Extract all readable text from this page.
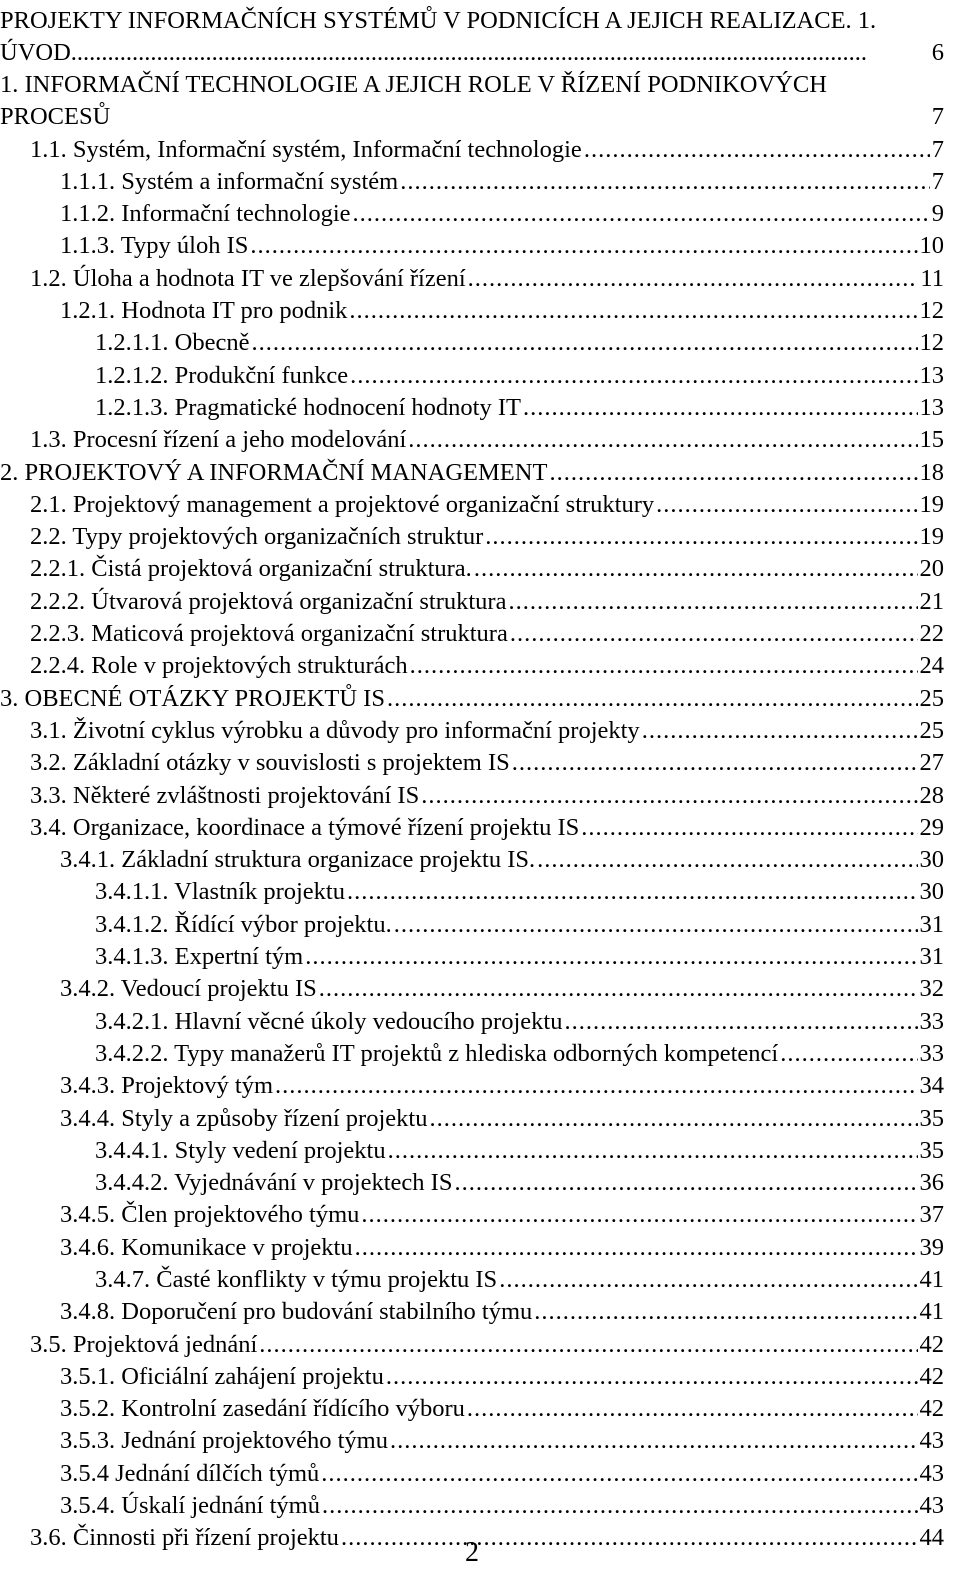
PROJEKTY INFORMAČNÍCH SYSTÉMŮ V PODNICÍCH A JEJICH REALIZACE. 1.
ÚVOD..................................................................................................................................	6
1. INFORMAČNÍ TECHNOLOGIE A JEJICH ROLE V ŘÍZENÍ PODNIKOVÝCH
PROCESŮ	7
1.1. Systém, Informační systém, Informační technologie .....	7
1.1.1. Systém a informační systém .....	7
1.1.2. Informační technologie .....	9
1.1.3. Typy úloh IS .....	10
1.2. Úloha a hodnota IT ve zlepšování řízení .....	11
1.2.1. Hodnota IT pro podnik .....	12
1.2.1.1. Obecně .....	12
1.2.1.2. Produkční funkce .....	13
1.2.1.3. Pragmatické hodnocení hodnoty IT .....	13
1.3. Procesní řízení a jeho modelování .....	15
2. PROJEKTOVÝ A INFORMAČNÍ MANAGEMENT .....	18
2.1. Projektový management a projektové organizační struktury .....	19
2.2. Typy projektových organizačních struktur .....	19
2.2.1. Čistá projektová organizační struktura. .....	20
2.2.2. Útvarová projektová organizační struktura .....	21
2.2.3. Maticová projektová organizační struktura .....	22
2.2.4. Role v projektových strukturách .....	24
3. OBECNÉ OTÁZKY PROJEKTŮ IS .....	25
3.1. Životní cyklus výrobku a důvody pro informační projekty .....	25
3.2. Základní otázky v souvislosti s projektem IS .....	27
3.3. Některé zvláštnosti projektování IS .....	28
3.4. Organizace, koordinace a týmové řízení projektu IS .....	29
3.4.1. Základní struktura organizace projektu IS. .....	30
3.4.1.1. Vlastník projektu .....	30
3.4.1.2. Řídící výbor projektu. .....	31
3.4.1.3. Expertní tým .....	31
3.4.2. Vedoucí projektu IS .....	32
3.4.2.1. Hlavní věcné úkoly vedoucího projektu .....	33
3.4.2.2. Typy manažerů IT projektů z hlediska odborných kompetencí .....	33
3.4.3. Projektový tým .....	34
3.4.4. Styly a způsoby řízení projektu .....	35
3.4.4.1. Styly vedení projektu .....	35
3.4.4.2. Vyjednávání v projektech IS .....	36
3.4.5. Člen projektového týmu .....	37
3.4.6. Komunikace v projektu .....	39
3.4.7. Časté konflikty v týmu projektu IS .....	41
3.4.8. Doporučení pro budování stabilního týmu .....	41
3.5. Projektová jednání .....	42
3.5.1. Oficiální zahájení projektu .....	42
3.5.2. Kontrolní zasedání řídícího výboru .....	42
3.5.3. Jednání projektového týmu .....	43
3.5.4 Jednání dílčích týmů .....	43
3.5.4. Úskalí jednání týmů .....	43
3.6. Činnosti při řízení projektu .....	44
2
